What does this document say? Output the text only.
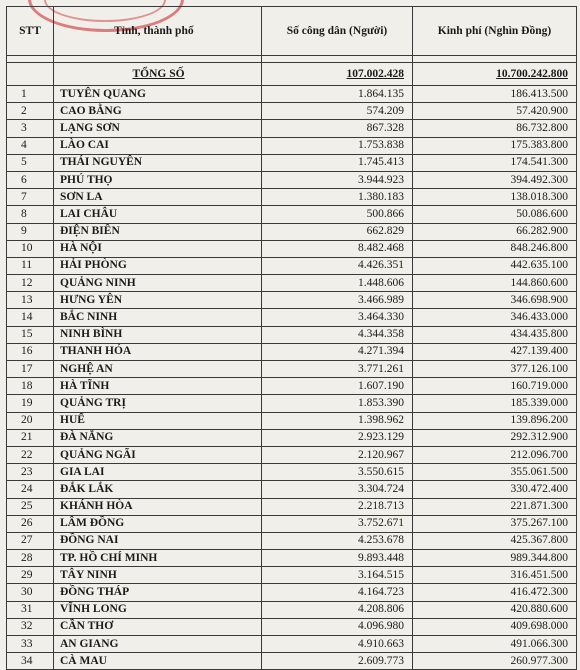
STT	Tỉnh, thành phố	Số công dân (Người)	Kinh phí (Nghìn Đồng)

	TỔNG SỐ	107.002.428	10.700.242.800
1	TUYÊN QUANG	1.864.135	186.413.500
2	CAO BẰNG	574.209	57.420.900
3	LẠNG SƠN	867.328	86.732.800
4	LÀO CAI	1.753.838	175.383.800
5	THÁI NGUYÊN	1.745.413	174.541.300
6	PHÚ THỌ	3.944.923	394.492.300
7	SƠN LA	1.380.183	138.018.300
8	LAI CHÂU	500.866	50.086.600
9	ĐIỆN BIÊN	662.829	66.282.900
10	HÀ NỘI	8.482.468	848.246.800
11	HẢI PHÒNG	4.426.351	442.635.100
12	QUẢNG NINH	1.448.606	144.860.600
13	HƯNG YÊN	3.466.989	346.698.900
14	BẮC NINH	3.464.330	346.433.000
15	NINH BÌNH	4.344.358	434.435.800
16	THANH HÓA	4.271.394	427.139.400
17	NGHỆ AN	3.771.261	377.126.100
18	HÀ TĨNH	1.607.190	160.719.000
19	QUẢNG TRỊ	1.853.390	185.339.000
20	HUẾ	1.398.962	139.896.200
21	ĐÀ NẴNG	2.923.129	292.312.900
22	QUẢNG NGÃI	2.120.967	212.096.700
23	GIA LAI	3.550.615	355.061.500
24	ĐẮK LẮK	3.304.724	330.472.400
25	KHÁNH HÒA	2.218.713	221.871.300
26	LÂM ĐỒNG	3.752.671	375.267.100
27	ĐỒNG NAI	4.253.678	425.367.800
28	TP. HỒ CHÍ MINH	9.893.448	989.344.800
29	TÂY NINH	3.164.515	316.451.500
30	ĐỒNG THÁP	4.164.723	416.472.300
31	VĨNH LONG	4.208.806	420.880.600
32	CẦN THƠ	4.096.980	409.698.000
33	AN GIANG	4.910.663	491.066.300
34	CÀ MAU	2.609.773	260.977.300
